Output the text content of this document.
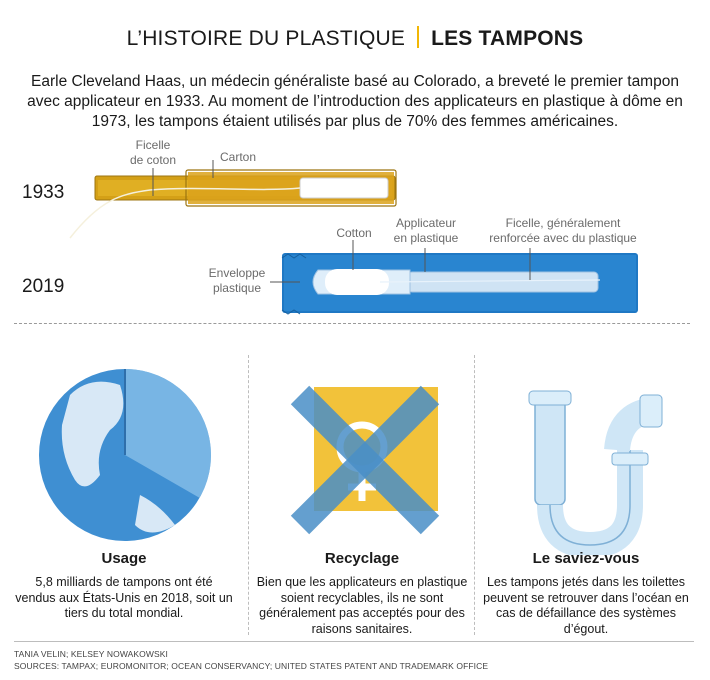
L’HISTOIRE DU PLASTIQUE LES TAMPONS
Earle Cleveland Haas, un médecin généraliste basé au Colorado, a breveté le premier tampon avec applicateur en 1933. Au moment de l’introduction des applicateurs en plastique à dôme en 1973, les tampons étaient utilisés par plus de 70% des femmes américaines.
1933
2019
Ficelle
de coton	Carton
Cotton
Applicateur
en plastique
Ficelle, généralement
renforcée avec du plastique
Enveloppe
plastique
Usage
5,8 milliards de tampons ont été vendus aux États-Unis en 2018, soit un tiers du total mondial.
Recyclage
Bien que les applicateurs en plastique soient recyclables, ils ne sont généralement pas acceptés pour des raisons sanitaires.
Le saviez-vous
Les tampons jetés dans les toilettes peuvent se retrouver dans l’océan en cas de défaillance des systèmes d’égout.
TANIA VELIN; KELSEY NOWAKOWSKI
SOURCES: TAMPAX; EUROMONITOR; OCEAN CONSERVANCY; UNITED STATES PATENT AND TRADEMARK OFFICE
